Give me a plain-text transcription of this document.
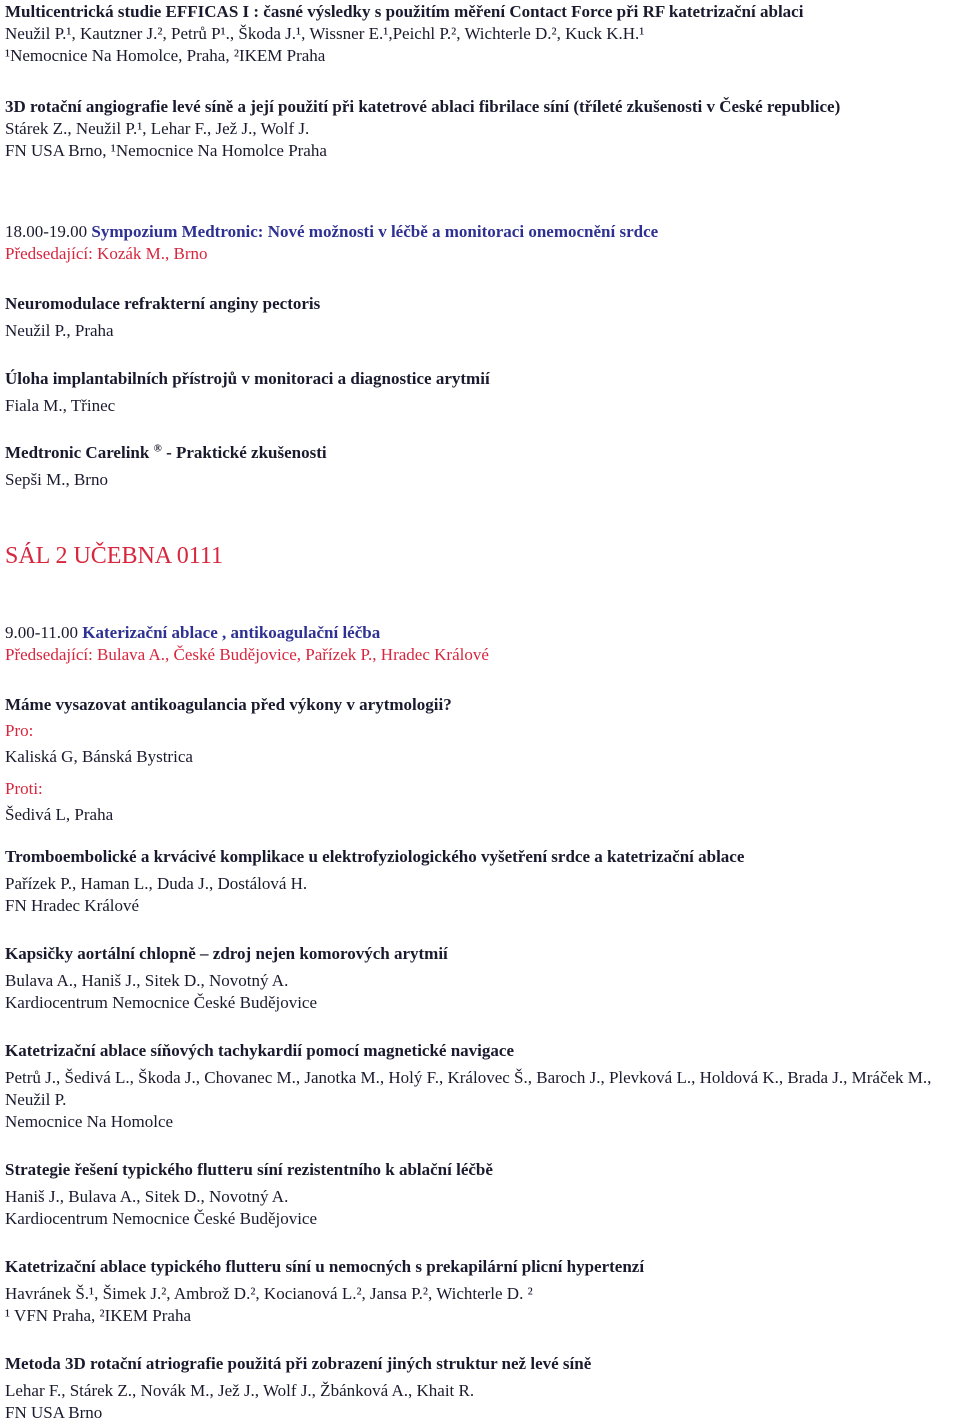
Multicentrická studie EFFICAS I : časné výsledky s použitím měření Contact Force při RF katetrizační ablaci
Neužil P.¹, Kautzner J.², Petrů P¹., Škoda J.¹, Wissner E.¹,Peichl P.², Wichterle D.², Kuck K.H.¹
¹Nemocnice Na Homolce, Praha, ²IKEM Praha
3D rotační angiografie levé síně a její použití při katetrové ablaci fibrilace síní (tříleté zkušenosti v České republice)
Stárek Z., Neužil P.¹, Lehar F., Jež J., Wolf J.
FN USA Brno, ¹Nemocnice Na Homolce Praha
18.00-19.00 Sympozium Medtronic: Nové možnosti v léčbě a monitoraci onemocnění srdce
Předsedající: Kozák M., Brno
Neuromodulace refrakterní anginy pectoris
Neužil P., Praha
Úloha implantabilních přístrojů v monitoraci a diagnostice arytmií
Fiala M., Třinec
Medtronic Carelink ® - Praktické zkušenosti
Sepši M., Brno
SÁL 2 UČEBNA 0111
9.00-11.00 Katerizační ablace , antikoagulační léčba
Předsedající: Bulava A., České Budějovice, Pařízek P., Hradec Králové
Máme vysazovat antikoagulancia před výkony v arytmologii?
Pro:
Kaliská G, Bánská Bystrica
Proti:
Šedivá L, Praha
Tromboembolické a krvácivé komplikace u elektrofyziologického vyšetření srdce a katetrizační ablace
Pařízek P., Haman L., Duda J., Dostálová H.
FN Hradec Králové
Kapsičky aortální chlopně – zdroj nejen komorových arytmií
Bulava A., Haniš J., Sitek D., Novotný A.
Kardiocentrum Nemocnice České Budějovice
Katetrizační ablace síňových tachykardií pomocí magnetické navigace
Petrů J., Šedivá L., Škoda J., Chovanec M., Janotka M., Holý F., Královec Š., Baroch J., Plevková L., Holdová K., Brada J., Mráček M., Neužil P.
Nemocnice Na Homolce
Strategie řešení typického flutteru síní rezistentního k ablační léčbě
Haniš J., Bulava A., Sitek D., Novotný A.
Kardiocentrum Nemocnice České Budějovice
Katetrizační ablace typického flutteru síní u nemocných s prekapilární plicní hypertenzí
Havránek Š.¹, Šimek J.², Ambrož D.², Kocianová L.², Jansa P.², Wichterle D. ²
¹ VFN Praha, ²IKEM Praha
Metoda 3D rotační atriografie použitá při zobrazení jiných struktur než levé síně
Lehar F., Stárek Z., Novák M., Jež J., Wolf J., Žbánková A., Khait R.
FN USA Brno
